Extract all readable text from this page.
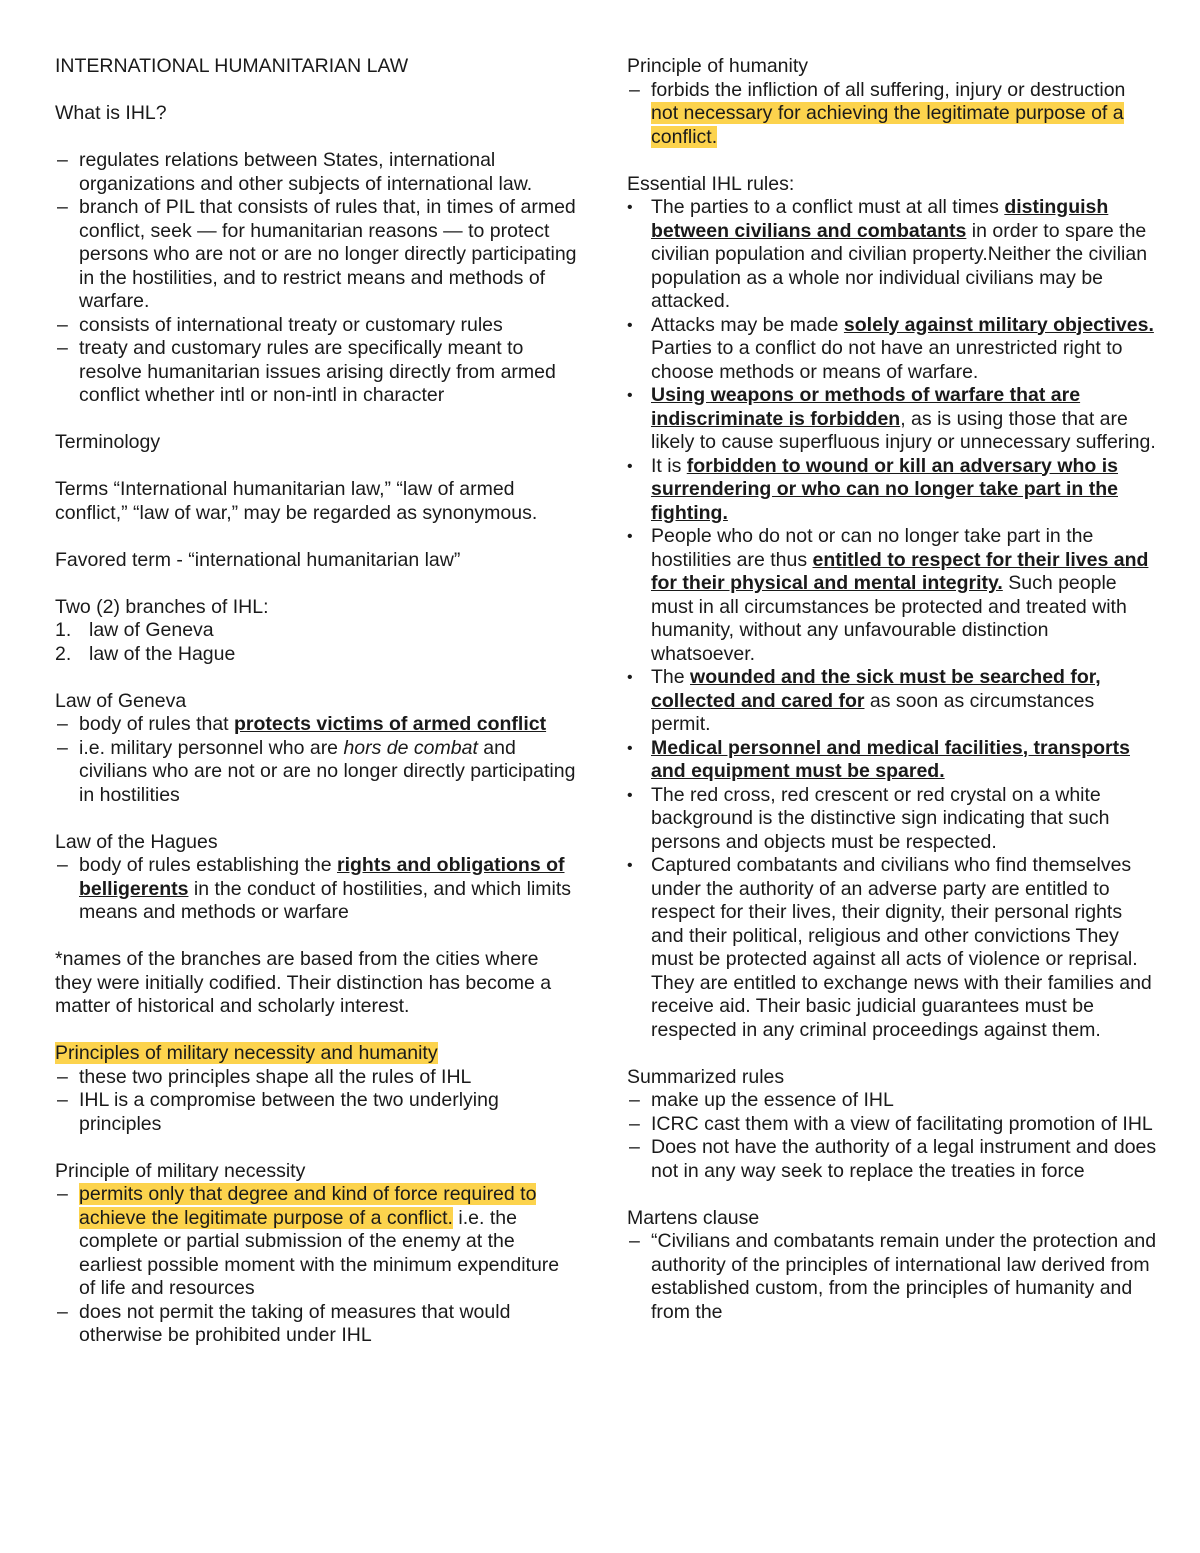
INTERNATIONAL HUMANITARIAN LAW

What is IHL?

– regulates relations between States, international organizations and other subjects of international law.
– branch of PIL that consists of rules that, in times of armed conflict, seek — for humanitarian reasons — to protect persons who are not or are no longer directly participating in the hostilities, and to restrict means and methods of warfare.
– consists of international treaty or customary rules
– treaty and customary rules are specifically meant to resolve humanitarian issues arising directly from armed conflict whether intl or non-intl in character

Terminology

Terms “International humanitarian law,” “law of armed conflict,” “law of war,” may be regarded as synonymous.

Favored term - “international humanitarian law”

Two (2) branches of IHL:

1. law of Geneva
2. law of the Hague

Law of Geneva

– body of rules that protects victims of armed conflict
– i.e. military personnel who are hors de combat and civilians who are not or are no longer directly participating in hostilities

Law of the Hagues

– body of rules establishing the rights and obligations of belligerents in the conduct of hostilities, and which limits means and methods or warfare

*names of the branches are based from the cities where they were initially codified. Their distinction has become a matter of historical and scholarly interest.

Principles of military necessity and humanity

– these two principles shape all the rules of IHL
– IHL is a compromise between the two underlying principles

Principle of military necessity

– permits only that degree and kind of force required to achieve the legitimate purpose of a conflict. i.e. the complete or partial submission of the enemy at the earliest possible moment with the minimum expenditure of life and resources
– does not permit the taking of measures that would otherwise be prohibited under IHL

Principle of humanity

– forbids the infliction of all suffering, injury or destruction not necessary for achieving the legitimate purpose of a conflict.

Essential IHL rules:

• The parties to a conflict must at all times distinguish between civilians and combatants in order to spare the civilian population and civilian property.Neither the civilian population as a whole nor individual civilians may be attacked.
• Attacks may be made solely against military objectives. Parties to a conflict do not have an unrestricted right to choose methods or means of warfare.
• Using weapons or methods of warfare that are indiscriminate is forbidden, as is using those that are likely to cause superfluous injury or unnecessary suffering.
• It is forbidden to wound or kill an adversary who is surrendering or who can no longer take part in the fighting.
• People who do not or can no longer take part in the hostilities are thus entitled to respect for their lives and for their physical and mental integrity. Such people must in all circumstances be protected and treated with humanity, without any unfavourable distinction whatsoever.
• The wounded and the sick must be searched for, collected and cared for as soon as circumstances permit.
• Medical personnel and medical facilities, transports and equipment must be spared.
• The red cross, red crescent or red crystal on a white background is the distinctive sign indicating that such persons and objects must be respected.
• Captured combatants and civilians who find themselves under the authority of an adverse party are entitled to respect for their lives, their dignity, their personal rights and their political, religious and other convictions They must be protected against all acts of violence or reprisal. They are entitled to exchange news with their families and receive aid. Their basic judicial guarantees must be respected in any criminal proceedings against them.

Summarized rules

– make up the essence of IHL
– ICRC cast them with a view of facilitating promotion of IHL
– Does not have the authority of a legal instrument and does not in any way seek to replace the treaties in force

Martens clause

– “Civilians and combatants remain under the protection and authority of the principles of international law derived from established custom, from the principles of humanity and from the
